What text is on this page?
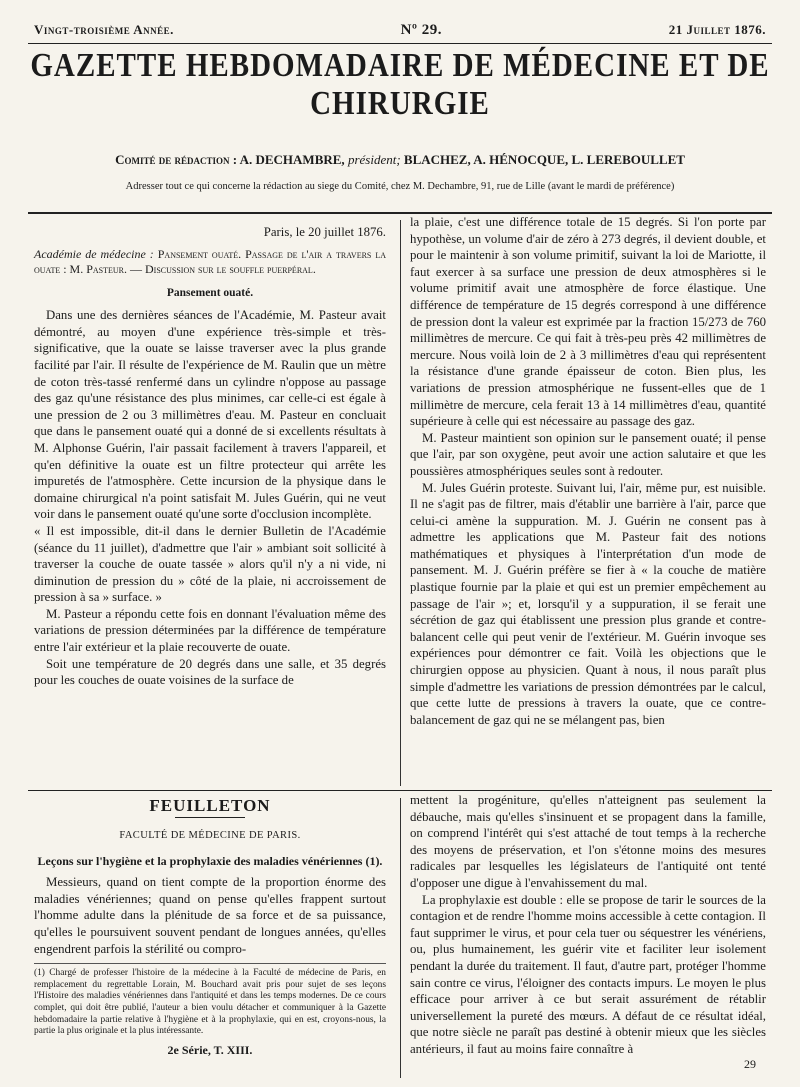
Vingt-troisième Année.	Nº 29.	21 Juillet 1876.
GAZETTE HEBDOMADAIRE DE MÉDECINE ET DE CHIRURGIE
Comité de rédaction : A. DECHAMBRE, président; BLACHEZ, A. HÉNOCQUE, L. LEREBOULLET
Adresser tout ce qui concerne la rédaction au siege du Comité, chez M. Dechambre, 91, rue de Lille (avant le mardi de préférence)
Paris, le 20 juillet 1876.

Académie de médecine : Pansement ouaté. Passage de l'air a travers la ouate : M. Pasteur. — Discussion sur le souffle puerpéral.

Pansement ouaté.

Dans une des dernières séances de l'Académie, M. Pasteur avait démontré, au moyen d'une expérience très-simple et très-significative, que la ouate se laisse traverser avec la plus grande facilité par l'air. Il résulte de l'expérience de M. Raulin que un mètre de coton très-tassé renfermé dans un cylindre n'oppose au passage des gaz qu'une résistance des plus minimes, car celle-ci est égale à une pression de 2 ou 3 millimètres d'eau. M. Pasteur en concluait que dans le pansement ouaté qui a donné de si excellents résultats à M. Alphonse Guérin, l'air passait facilement à travers l'appareil, et qu'en définitive la ouate est un filtre protecteur qui arrête les impuretés de l'atmosphère. Cette incursion de la physique dans le domaine chirurgical n'a point satisfait M. Jules Guérin, qui ne veut voir dans le pansement ouaté qu'une sorte d'occlusion incomplète.

« Il est impossible, dit-il dans le dernier Bulletin de l'Académie (séance du 11 juillet), d'admettre que l'air » ambiant soit sollicité à traverser la couche de ouate tassée » alors qu'il n'y a ni vide, ni diminution de pression du » côté de la plaie, ni accroissement de pression à sa » surface. »

M. Pasteur a répondu cette fois en donnant l'évaluation même des variations de pression déterminées par la différence de température entre l'air extérieur et la plaie recouverte de ouate.

Soit une température de 20 degrés dans une salle, et 35 degrés pour les couches de ouate voisines de la surface de

la plaie, c'est une différence totale de 15 degrés. Si l'on porte par hypothèse, un volume d'air de zéro à 273 degrés, il devient double, et pour le maintenir à son volume primitif, suivant la loi de Mariotte, il faut exercer à sa surface une pression de deux atmosphères si le volume primitif avait une atmosphère de force élastique. Une différence de température de 15 degrés correspond à une différence de pression dont la valeur est exprimée par la fraction 15/273 de 760 millimètres de mercure. Ce qui fait à très-peu près 42 millimètres de mercure. Nous voilà loin de 2 à 3 millimètres d'eau qui représentent la résistance d'une grande épaisseur de coton. Bien plus, les variations de pression atmosphérique ne fussent-elles que de 1 millimètre de mercure, cela ferait 13 à 14 millimètres d'eau, quantité supérieure à celle qui est nécessaire au passage des gaz.

M. Pasteur maintient son opinion sur le pansement ouaté; il pense que l'air, par son oxygène, peut avoir une action salutaire et que les poussières atmosphériques seules sont à redouter.

M. Jules Guérin proteste. Suivant lui, l'air, même pur, est nuisible. Il ne s'agit pas de filtrer, mais d'établir une barrière à l'air, parce que celui-ci amène la suppuration. M. J. Guérin ne consent pas à admettre les applications que M. Pasteur fait des notions mathématiques et physiques à l'interprétation d'un mode de pansement. M. J. Guérin préfère se fier à « la couche de matière plastique fournie par la plaie et qui est un premier empêchement au passage de l'air »; et, lorsqu'il y a suppuration, il se ferait une sécrétion de gaz qui établissent une pression plus grande et contre-balancent celle qui peut venir de l'extérieur. M. Guérin invoque ses expériences pour démontrer ce fait. Voilà les objections que le chirurgien oppose au physicien. Quant à nous, il nous paraît plus simple d'admettre les variations de pression démontrées par le calcul, que cette lutte de pressions à travers la ouate, que ce contre-balancement de gaz qui ne se mélangent pas, bien

FEUILLETON
FACULTÉ DE MÉDECINE DE PARIS.
Leçons sur l'hygiène et la prophylaxie des maladies vénériennes (1).

Messieurs, quand on tient compte de la proportion énorme des maladies vénériennes; quand on pense qu'elles frappent surtout l'homme adulte dans la plénitude de sa force et de sa puissance, qu'elles le poursuivent souvent pendant de longues années, qu'elles engendrent parfois la stérilité ou compro-

(1) Chargé de professer l'histoire de la médecine à la Faculté de médecine de Paris, en remplacement du regrettable Lorain, M. Bouchard avait pris pour sujet de ses leçons l'Histoire des maladies vénériennes dans l'antiquité et dans les temps modernes. De ce cours complet, qui doit être publié, l'auteur a bien voulu détacher et communiquer à la Gazette hebdomadaire la partie relative à l'hygiène et à la prophylaxie, qui en est, croyons-nous, la partie la plus originale et la plus intéressante.
2e Série, T. XIII.

mettent la progéniture, qu'elles n'atteignent pas seulement la débauche, mais qu'elles s'insinuent et se propagent dans la famille, on comprend l'intérêt qui s'est attaché de tout temps à la recherche des moyens de préservation, et l'on s'étonne moins des mesures radicales par lesquelles les législateurs de l'antiquité ont tenté d'opposer une digue à l'envahissement du mal.

La prophylaxie est double : elle se propose de tarir le sources de la contagion et de rendre l'homme moins accessible à cette contagion. Il faut supprimer le virus, et pour cela tuer ou séquestrer les vénériens, ou, plus humainement, les guérir vite et faciliter leur isolement pendant la durée du traitement. Il faut, d'autre part, protéger l'homme sain contre ce virus, l'éloigner des contacts impurs. Le moyen le plus efficace pour arriver à ce but serait assurément de rétablir universellement la pureté des mœurs. A défaut de ce résultat idéal, que notre siècle ne paraît pas destiné à obtenir mieux que les siècles antérieurs, il faut au moins faire connaître à

29
